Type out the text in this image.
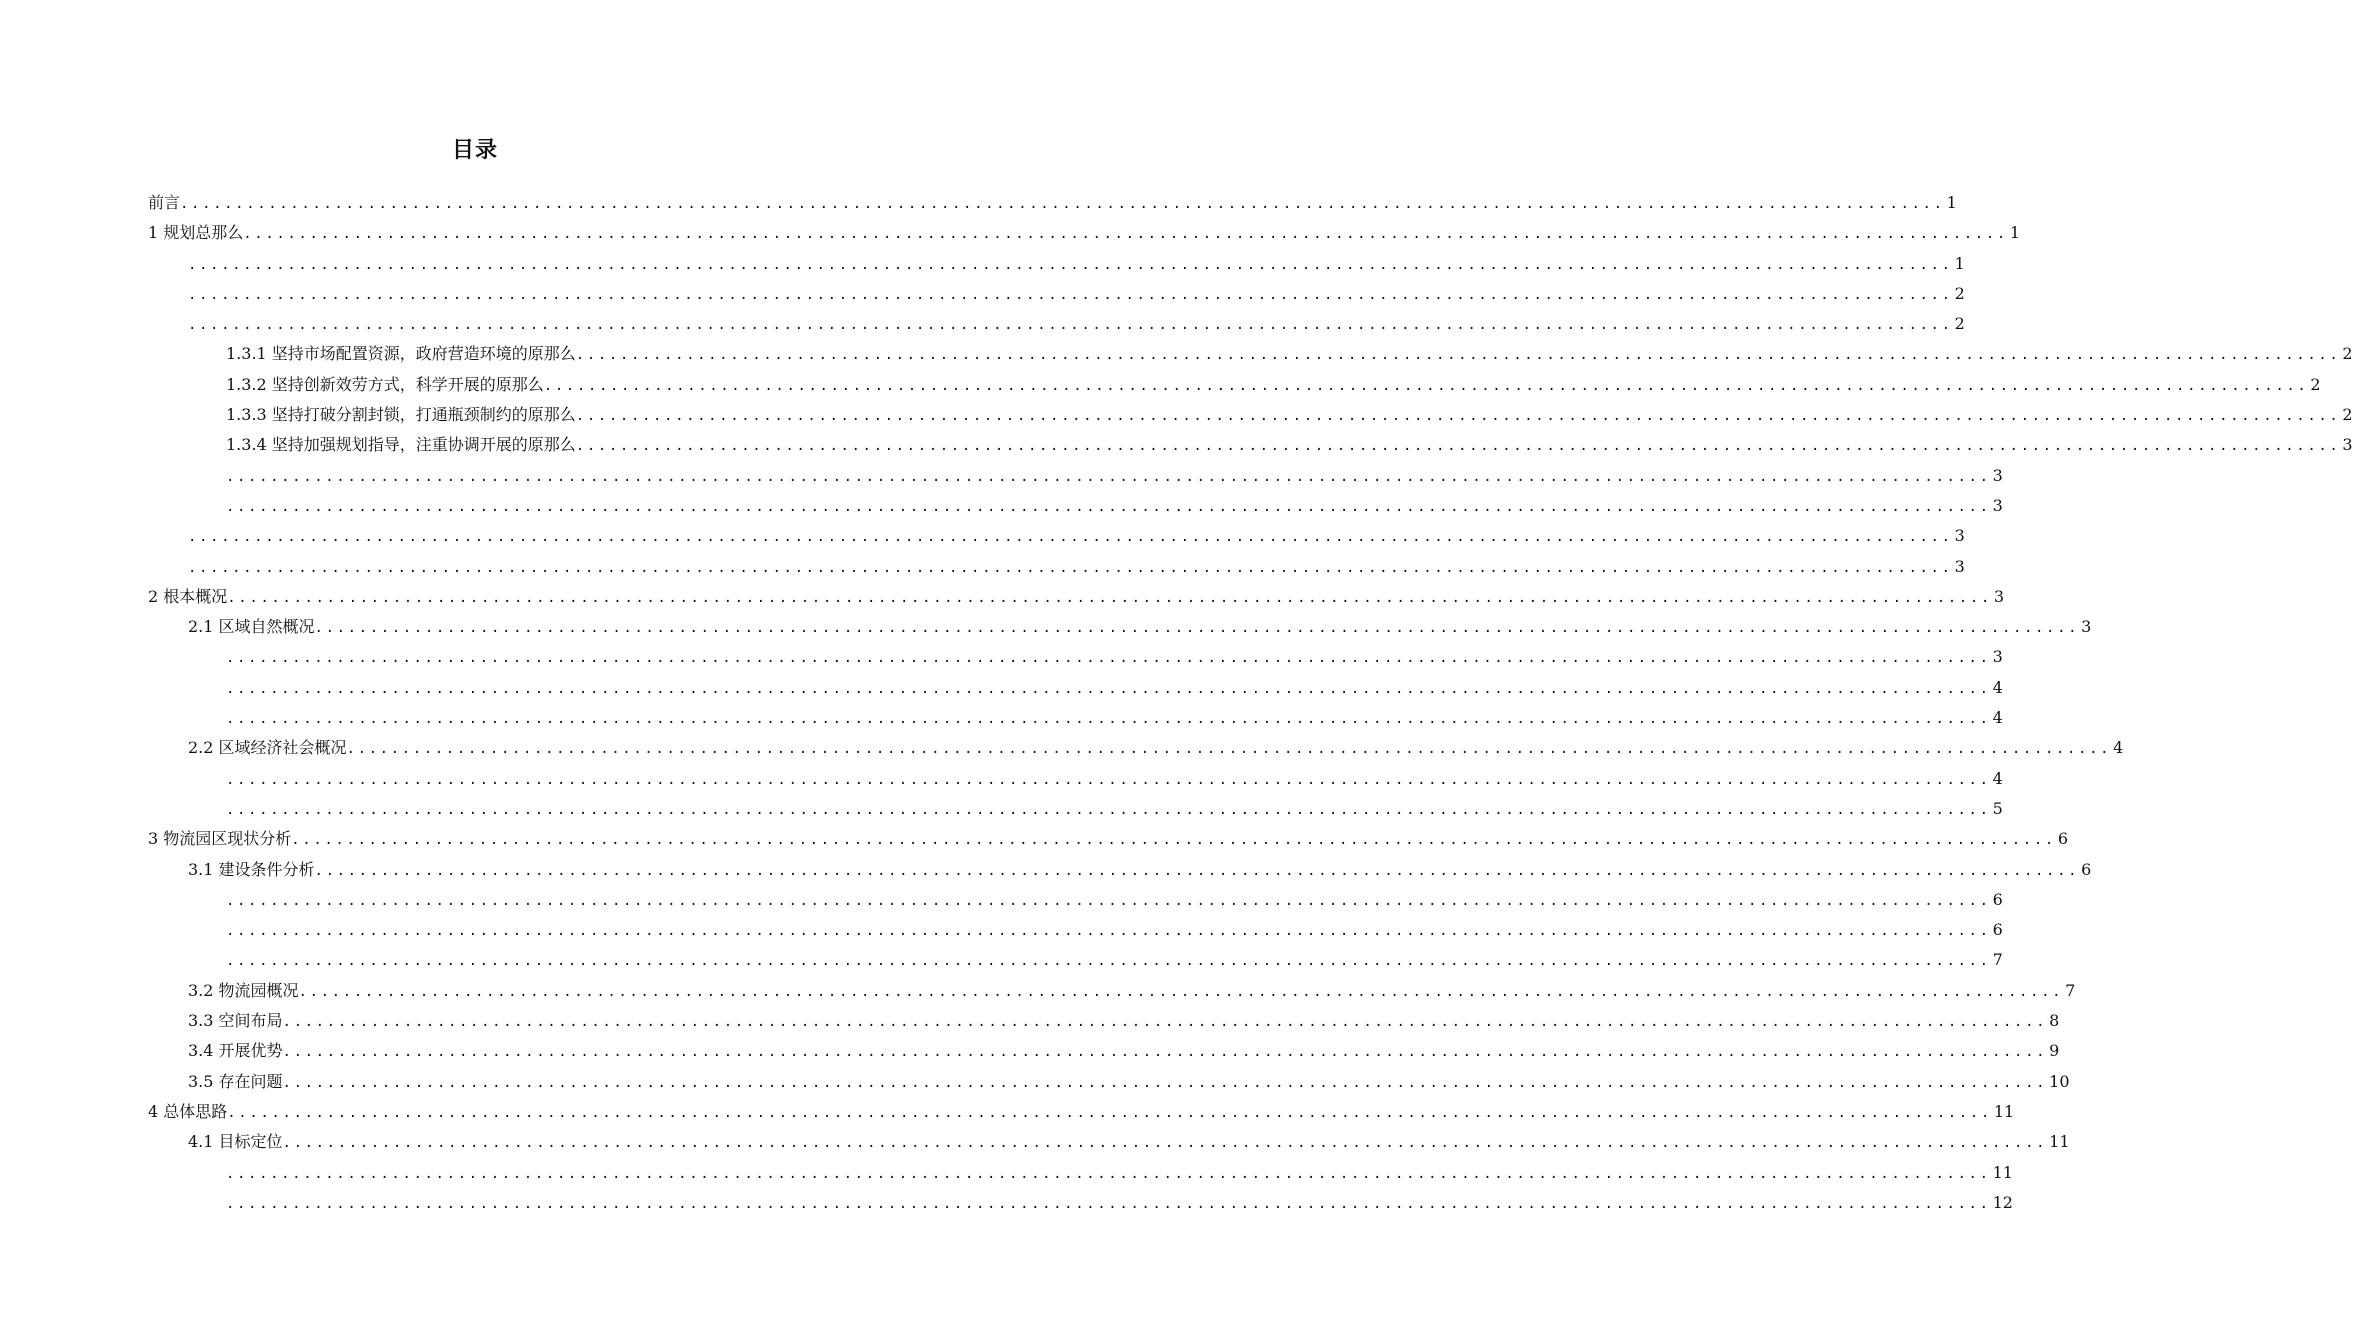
目录
前言 ................................................................................................................................................................ 1
1 规划总那么 ................................................................................................................................................................ 1
................................................................................................................................................................ 1
................................................................................................................................................................ 2
................................................................................................................................................................ 2
1.3.1 坚持市场配置资源，政府营造环境的原那么 ................................................................................................................................................................ 2
1.3.2 坚持创新效劳方式，科学开展的原那么 ................................................................................................................................................................ 2
1.3.3 坚持打破分割封锁，打通瓶颈制约的原那么 ................................................................................................................................................................ 2
1.3.4 坚持加强规划指导，注重协调开展的原那么 ................................................................................................................................................................ 3
................................................................................................................................................................ 3
................................................................................................................................................................ 3
................................................................................................................................................................ 3
................................................................................................................................................................ 3
2 根本概况 ................................................................................................................................................................ 3
2.1 区域自然概况 ................................................................................................................................................................ 3
................................................................................................................................................................ 3
................................................................................................................................................................ 4
................................................................................................................................................................ 4
2.2 区域经济社会概况 ................................................................................................................................................................ 4
................................................................................................................................................................ 4
................................................................................................................................................................ 5
3 物流园区现状分析 ................................................................................................................................................................ 6
3.1 建设条件分析 ................................................................................................................................................................ 6
................................................................................................................................................................ 6
................................................................................................................................................................ 6
................................................................................................................................................................ 7
3.2 物流园概况 ................................................................................................................................................................ 7
3.3 空间布局 ................................................................................................................................................................ 8
3.4 开展优势 ................................................................................................................................................................ 9
3.5 存在问题 ................................................................................................................................................................ 10
4 总体思路 ................................................................................................................................................................ 11
4.1 目标定位 ................................................................................................................................................................ 11
................................................................................................................................................................ 11
................................................................................................................................................................ 12
